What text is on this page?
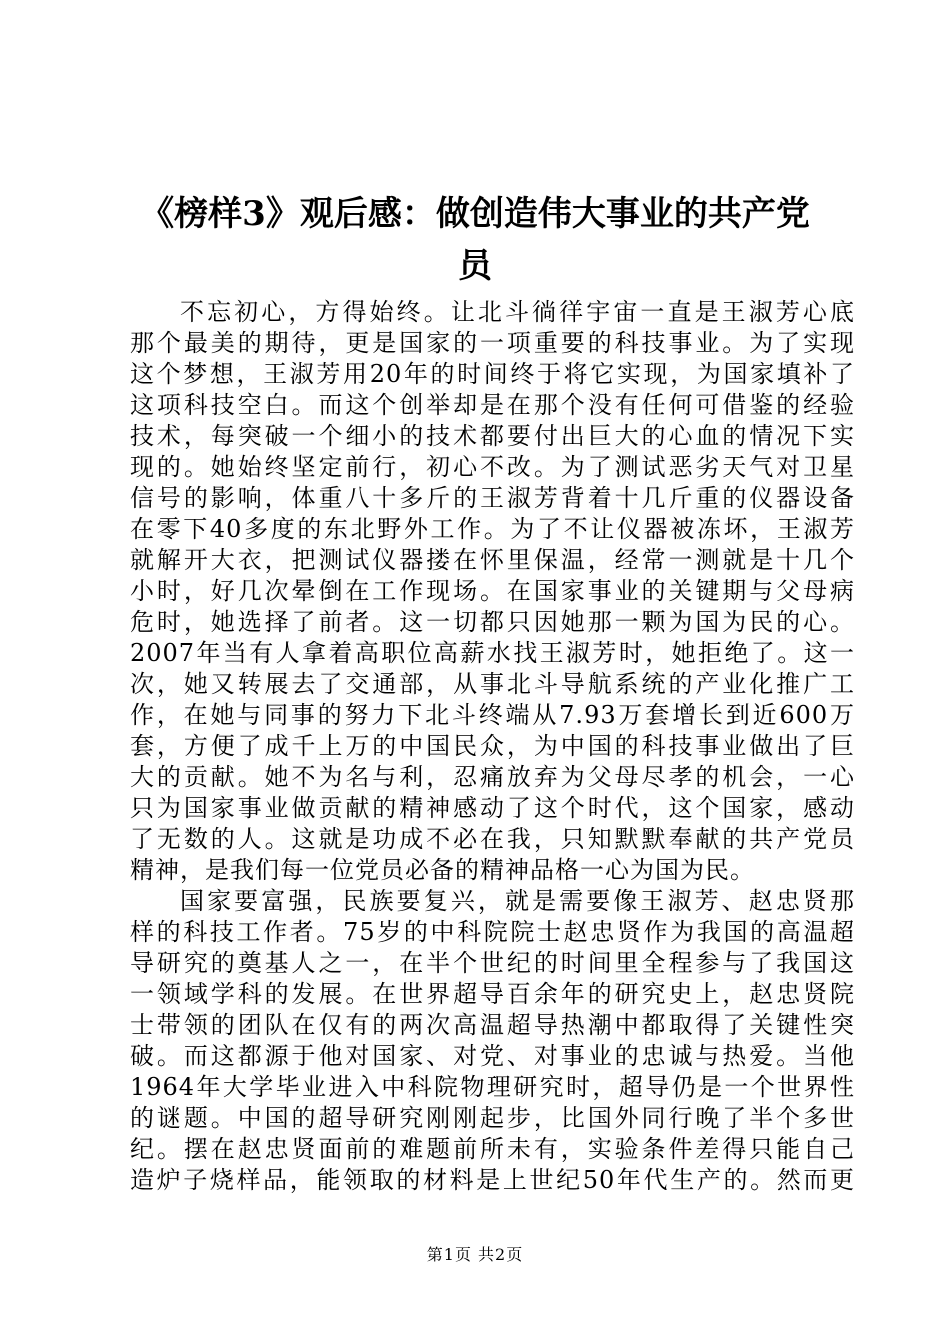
《榜样3》观后感：做创造伟大事业的共产党
员
不忘初心，方得始终。让北斗徜徉宇宙一直是王淑芳心底
那个最美的期待，更是国家的一项重要的科技事业。为了实现
这个梦想，王淑芳用20年的时间终于将它实现，为国家填补了
这项科技空白。而这个创举却是在那个没有任何可借鉴的经验
技术，每突破一个细小的技术都要付出巨大的心血的情况下实
现的。她始终坚定前行，初心不改。为了测试恶劣天气对卫星
信号的影响，体重八十多斤的王淑芳背着十几斤重的仪器设备
在零下40多度的东北野外工作。为了不让仪器被冻坏，王淑芳
就解开大衣，把测试仪器搂在怀里保温，经常一测就是十几个
小时，好几次晕倒在工作现场。在国家事业的关键期与父母病
危时，她选择了前者。这一切都只因她那一颗为国为民的心。
2007年当有人拿着高职位高薪水找王淑芳时，她拒绝了。这一
次，她又转展去了交通部，从事北斗导航系统的产业化推广工
作，在她与同事的努力下北斗终端从7.93万套增长到近600万
套，方便了成千上万的中国民众，为中国的科技事业做出了巨
大的贡献。她不为名与利，忍痛放弃为父母尽孝的机会，一心
只为国家事业做贡献的精神感动了这个时代，这个国家，感动
了无数的人。这就是功成不必在我，只知默默奉献的共产党员
精神，是我们每一位党员必备的精神品格一心为国为民。
国家要富强，民族要复兴，就是需要像王淑芳、赵忠贤那
样的科技工作者。75岁的中科院院士赵忠贤作为我国的高温超
导研究的奠基人之一，在半个世纪的时间里全程参与了我国这
一领域学科的发展。在世界超导百余年的研究史上，赵忠贤院
士带领的团队在仅有的两次高温超导热潮中都取得了关键性突
破。而这都源于他对国家、对党、对事业的忠诚与热爱。当他
1964年大学毕业进入中科院物理研究时，超导仍是一个世界性
的谜题。中国的超导研究刚刚起步，比国外同行晚了半个多世
纪。摆在赵忠贤面前的难题前所未有，实验条件差得只能自己
造炉子烧样品，能领取的材料是上世纪50年代生产的。然而更
第1页 共2页
